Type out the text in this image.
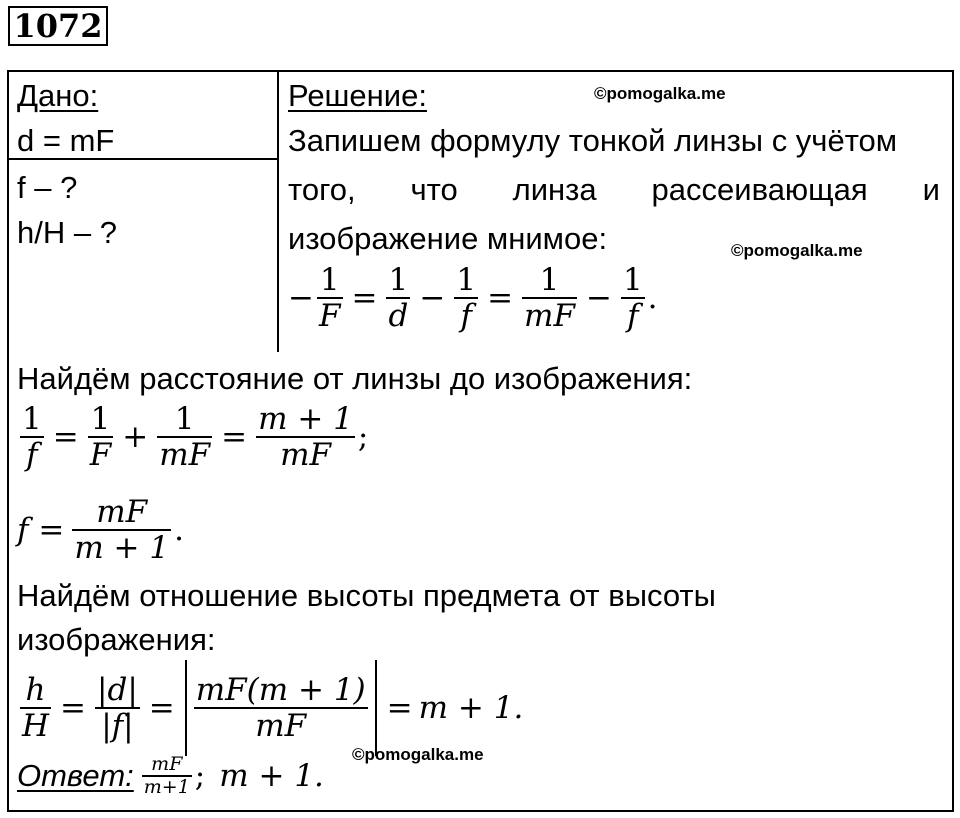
1072
Дано:
d = mF
f – ?
h/H – ?
Решение:
Запишем формулу тонкой линзы с учётом
того, что линза рассеивающая и
изображение мнимое:
− $\frac{1}{F} = \frac{1}{d} - \frac{1}{f} = \frac{1}{mF} - \frac{1}{f}$ .
Найдём расстояние от линзы до изображения:
$\frac{1}{f} = \frac{1}{F} + \frac{1}{mF} = \frac{m + 1}{mF}$ ;
$f = \frac{mF}{m + 1}$ .
Найдём отношение высоты предмета от высоты
изображения:
$\frac{h}{H} = \frac{|d|}{|f|} = \frac{mF(m + 1)}{mF} = m + 1$.
Ответ: $\frac{mF}{m+1}$ ; m + 1.
©pomogalka.me
©pomogalka.me
©pomogalka.me
